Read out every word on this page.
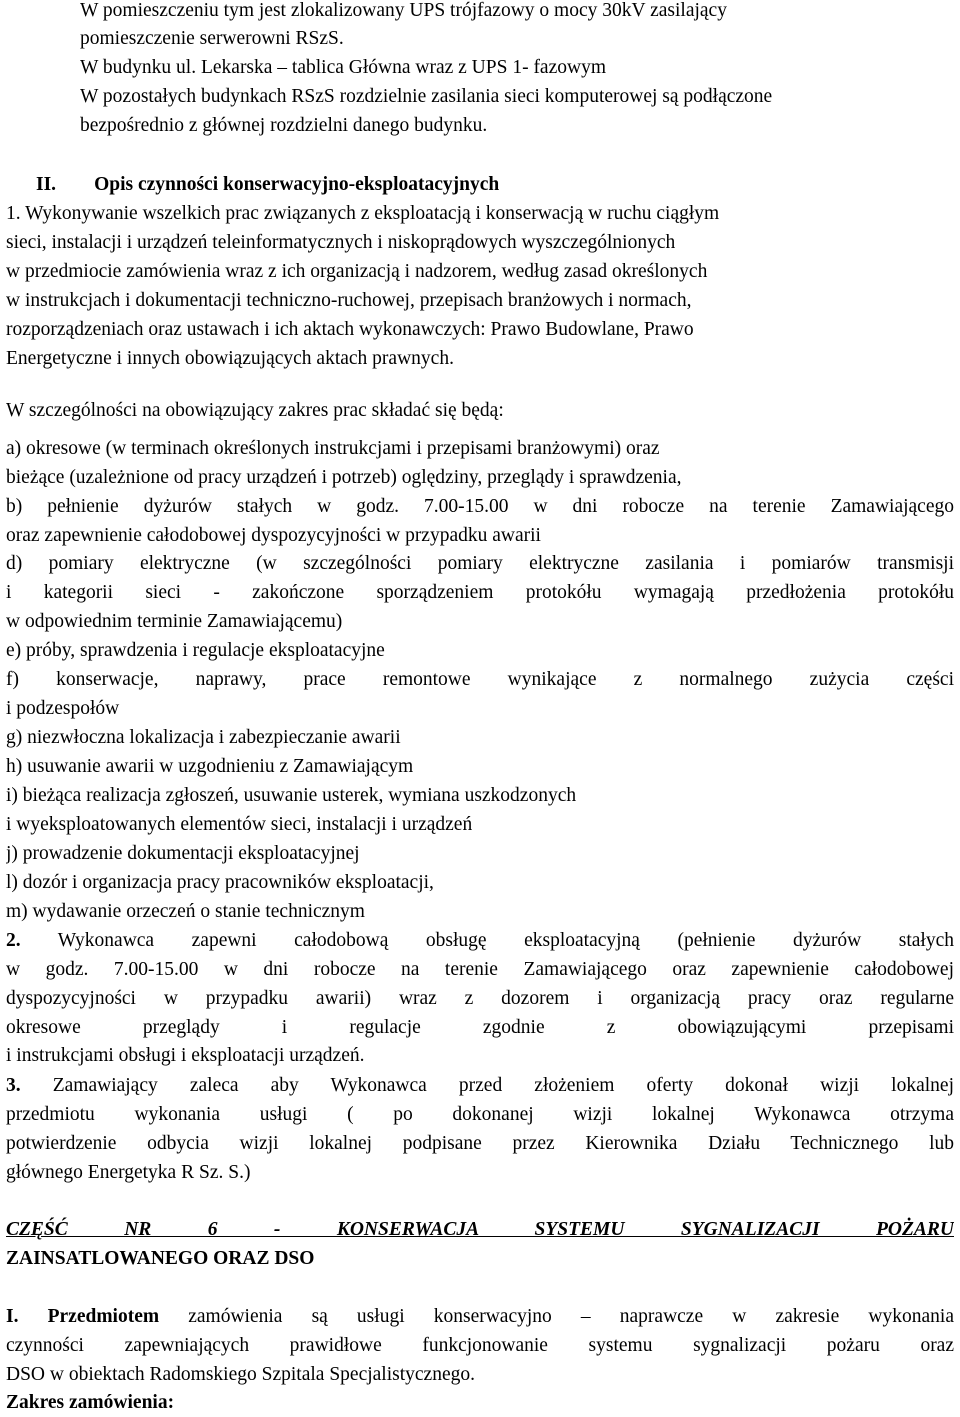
W pomieszczeniu tym jest zlokalizowany UPS trójfazowy o mocy 30kV zasilający
pomieszczenie serwerowni RSzS.
W budynku ul. Lekarska – tablica Główna wraz z UPS 1- fazowym
W pozostałych budynkach RSzS rozdzielnie zasilania sieci komputerowej są podłączone
bezpośrednio z głównej rozdzielni danego budynku.
II. Opis czynności konserwacyjno-eksploatacyjnych
1. Wykonywanie wszelkich prac związanych z eksploatacją i konserwacją w ruchu ciągłym
sieci, instalacji i urządzeń teleinformatycznych i niskoprądowych wyszczególnionych
w przedmiocie zamówienia wraz z ich organizacją i nadzorem, według zasad określonych
w instrukcjach i dokumentacji techniczno-ruchowej, przepisach branżowych i normach,
rozporządzeniach oraz ustawach i ich aktach wykonawczych: Prawo Budowlane, Prawo
Energetyczne i innych obowiązujących aktach prawnych.
W szczególności na obowiązujący zakres prac składać się będą:
a) okresowe (w terminach określonych instrukcjami i przepisami branżowymi) oraz
bieżące (uzależnione od pracy urządzeń i potrzeb) oględziny, przeglądy i sprawdzenia,
b) pełnienie dyżurów stałych w godz. 7.00-15.00 w dni robocze na terenie Zamawiającego
oraz zapewnienie całodobowej dyspozycyjności w przypadku awarii
d) pomiary elektryczne (w szczególności pomiary elektryczne zasilania i pomiarów transmisji
i kategorii sieci - zakończone sporządzeniem protokółu wymagają przedłożenia protokółu
w odpowiednim terminie Zamawiającemu)
e) próby, sprawdzenia i regulacje eksploatacyjne
f) konserwacje, naprawy, prace remontowe wynikające z normalnego zużycia części
i podzespołów
g) niezwłoczna lokalizacja i zabezpieczanie awarii
h) usuwanie awarii w uzgodnieniu z Zamawiającym
i) bieżąca realizacja zgłoszeń, usuwanie usterek, wymiana uszkodzonych
i wyeksploatowanych elementów sieci, instalacji i urządzeń
j) prowadzenie dokumentacji eksploatacyjnej
l) dozór i organizacja pracy pracowników eksploatacji,
m) wydawanie orzeczeń o stanie technicznym
2. Wykonawca zapewni całodobową obsługę eksploatacyjną (pełnienie dyżurów stałych
w godz. 7.00-15.00 w dni robocze na terenie Zamawiającego oraz zapewnienie całodobowej
dyspozycyjności w przypadku awarii) wraz z dozorem i organizacją pracy oraz regularne
okresowe przeglądy i regulacje zgodnie z obowiązującymi przepisami
i instrukcjami obsługi i eksploatacji urządzeń.
3. Zamawiający zaleca aby Wykonawca przed złożeniem oferty dokonał wizji lokalnej
przedmiotu wykonania usługi ( po dokonanej wizji lokalnej Wykonawca otrzyma
potwierdzenie odbycia wizji lokalnej podpisane przez Kierownika Działu Technicznego lub
głównego Energetyka R Sz. S.)
CZĘŚĆ NR 6 - KONSERWACJA SYSTEMU SYGNALIZACJI POŻARU
ZAINSATLOWANEGO ORAZ DSO
I. Przedmiotem zamówienia są usługi konserwacyjno – naprawcze w zakresie wykonania
czynności zapewniających prawidłowe funkcjonowanie systemu sygnalizacji pożaru oraz
DSO w obiektach Radomskiego Szpitala Specjalistycznego.
Zakres zamówienia:
